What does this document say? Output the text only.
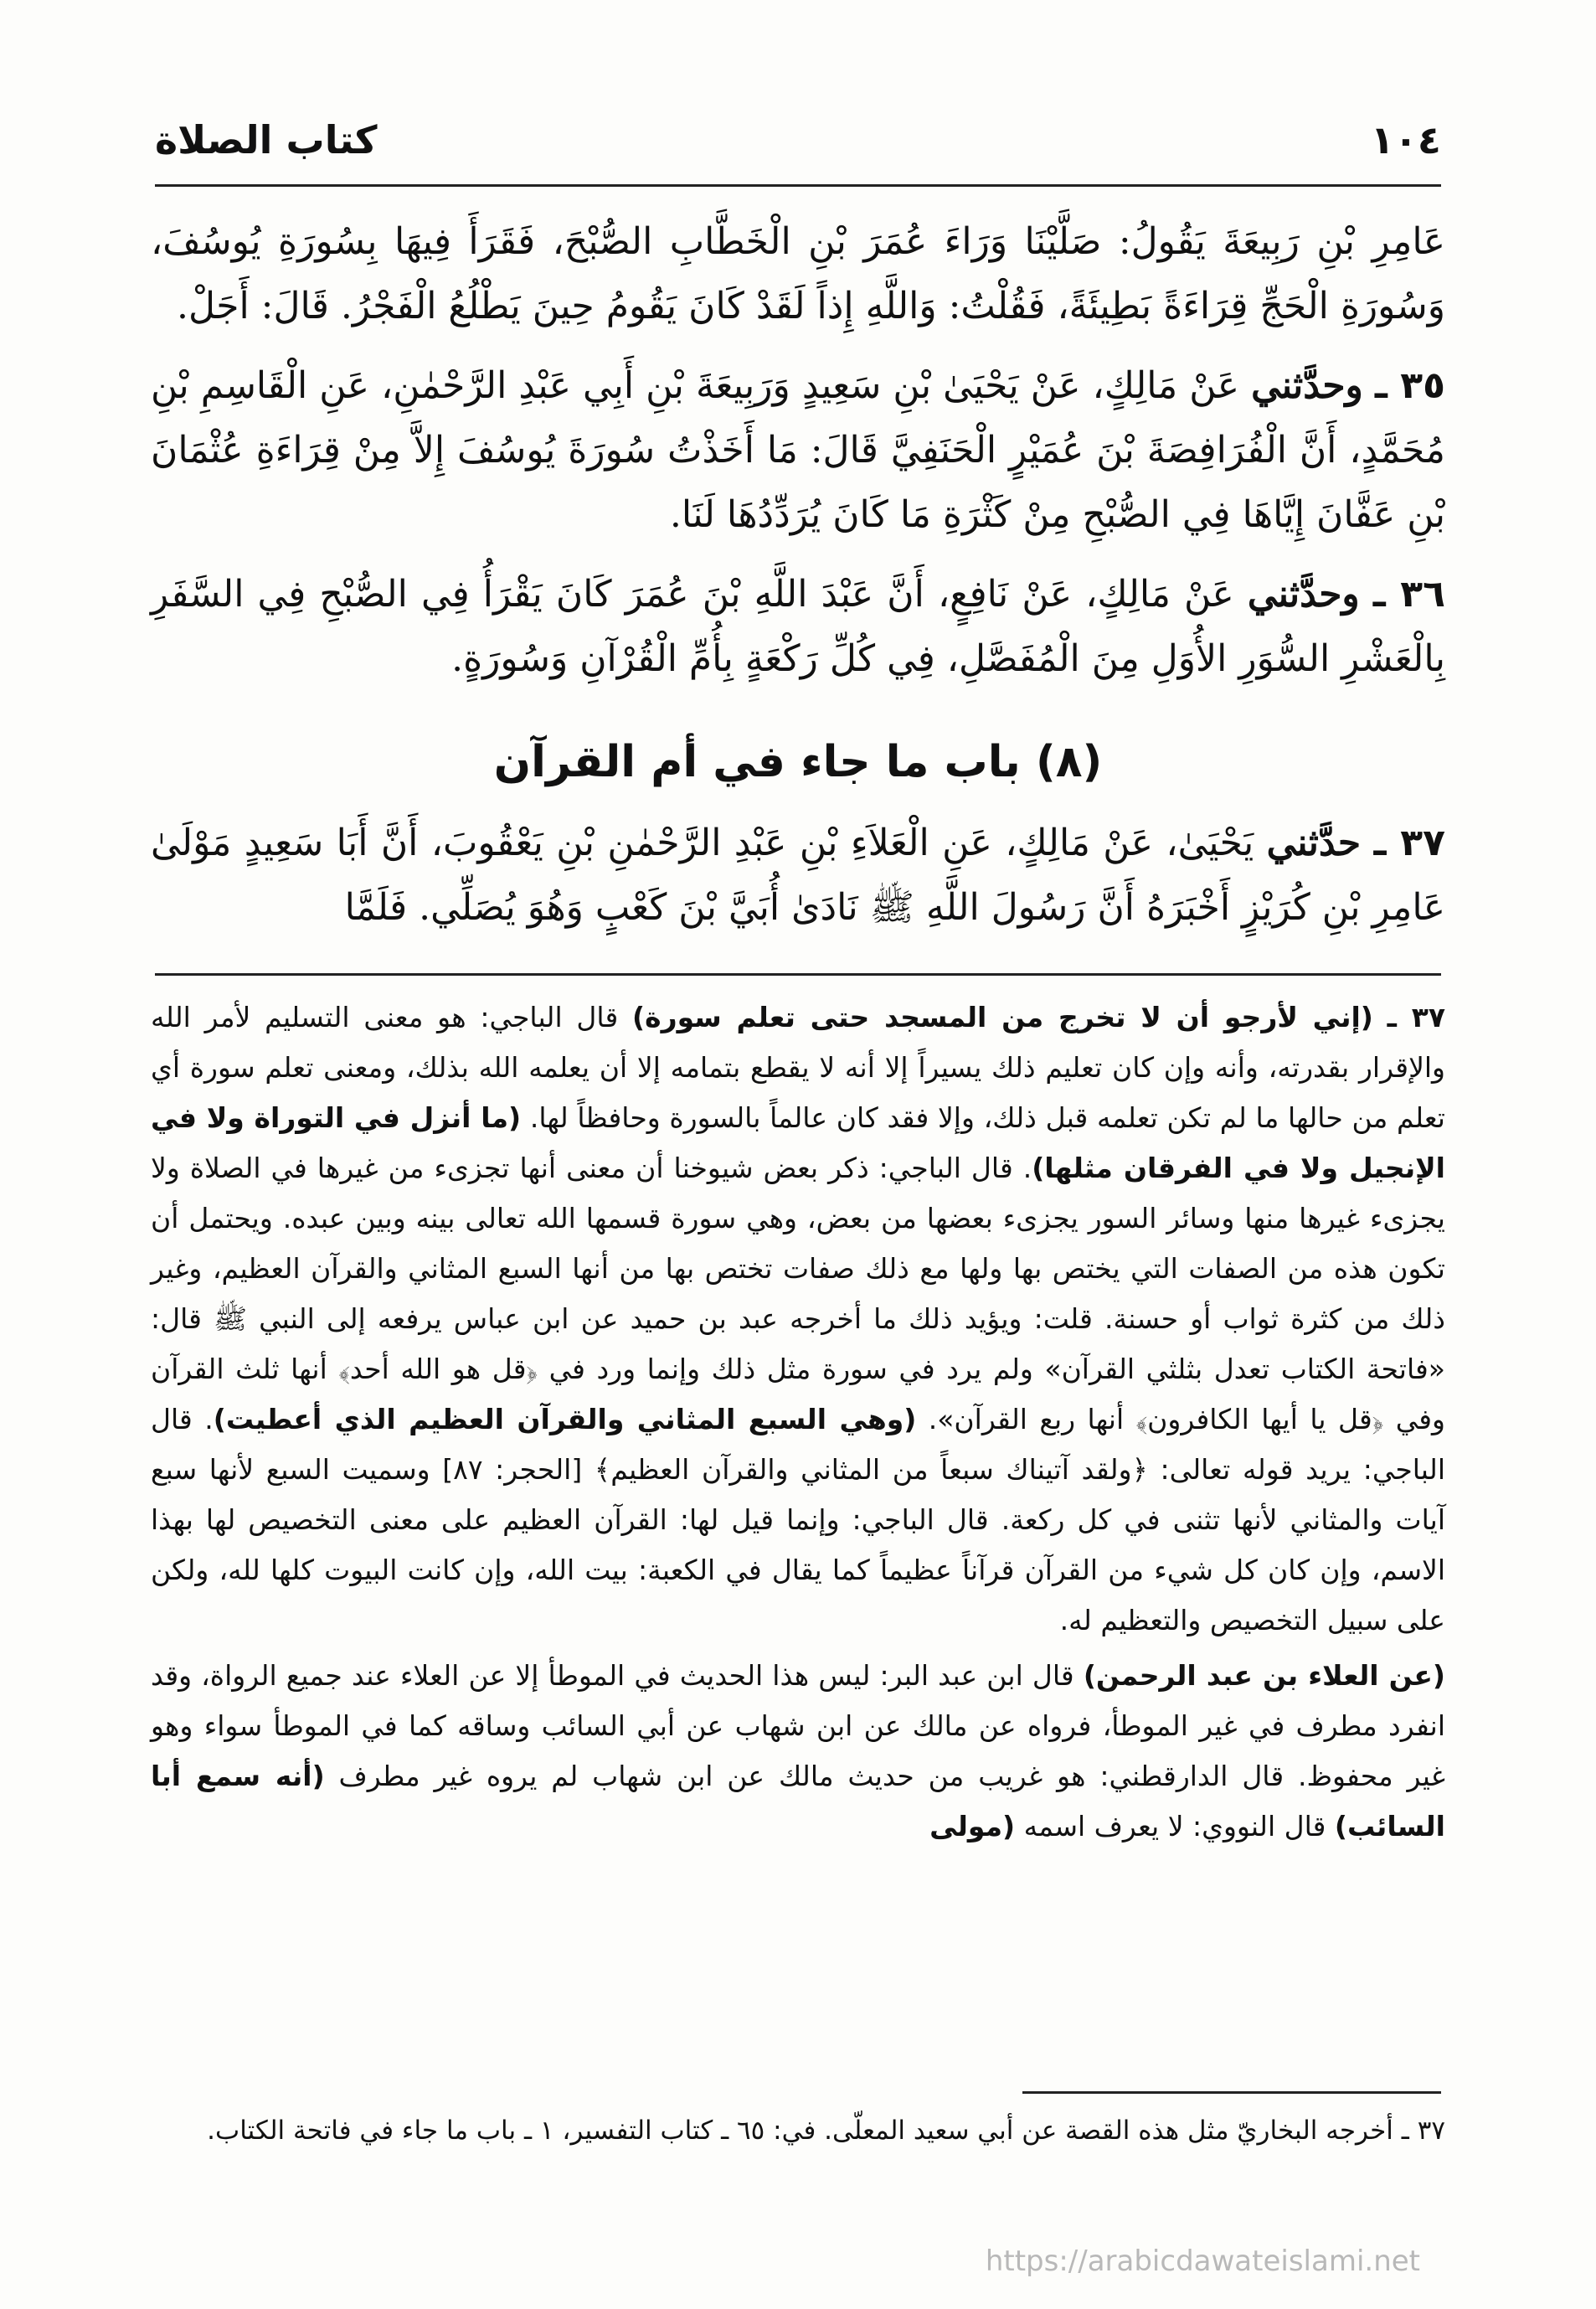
١٠٤
كتاب الصلاة

عَامِرِ بْنِ رَبِيعَةَ يَقُولُ: صَلَّيْنَا وَرَاءَ عُمَرَ بْنِ الْخَطَّابِ الصُّبْحَ، فَقَرَأَ فِيهَا بِسُورَةِ يُوسُفَ، وَسُورَةِ الْحَجِّ قِرَاءَةً بَطِيئَةً، فَقُلْتُ: وَاللَّهِ إِذاً لَقَدْ كَانَ يَقُومُ حِينَ يَطْلُعُ الْفَجْرُ. قَالَ: أَجَلْ.

٣٥ ـ وحدَّثني عَنْ مَالِكٍ، عَنْ يَحْيَىٰ بْنِ سَعِيدٍ وَرَبِيعَةَ بْنِ أَبِي عَبْدِ الرَّحْمٰنِ، عَنِ الْقَاسِمِ بْنِ مُحَمَّدٍ، أَنَّ الْفُرَافِصَةَ بْنَ عُمَيْرٍ الْحَنَفِيَّ قَالَ: مَا أَخَذْتُ سُورَةَ يُوسُفَ إِلاَّ مِنْ قِرَاءَةِ عُثْمَانَ بْنِ عَفَّانَ إِيَّاهَا فِي الصُّبْحِ مِنْ كَثْرَةِ مَا كَانَ يُرَدِّدُهَا لَنَا.

٣٦ ـ وحدَّثني عَنْ مَالِكٍ، عَنْ نَافِعٍ، أَنَّ عَبْدَ اللَّهِ بْنَ عُمَرَ كَانَ يَقْرَأُ فِي الصُّبْحِ فِي السَّفَرِ بِالْعَشْرِ السُّوَرِ الأُوَلِ مِنَ الْمُفَصَّلِ، فِي كُلِّ رَكْعَةٍ بِأُمِّ الْقُرْآنِ وَسُورَةٍ.

(٨) باب ما جاء في أم القرآن

٣٧ ـ حدَّثني يَحْيَىٰ، عَنْ مَالِكٍ، عَنِ الْعَلاَءِ بْنِ عَبْدِ الرَّحْمٰنِ بْنِ يَعْقُوبَ، أَنَّ أَبَا سَعِيدٍ مَوْلَىٰ عَامِرِ بْنِ كُرَيْزٍ أَخْبَرَهُ أَنَّ رَسُولَ اللَّهِ ﷺ نَادَىٰ أُبَيَّ بْنَ كَعْبٍ وَهُوَ يُصَلِّي. فَلَمَّا

٣٧ ـ (إني لأرجو أن لا تخرج من المسجد حتى تعلم سورة) قال الباجي: هو معنى التسليم لأمر الله والإقرار بقدرته، وأنه وإن كان تعليم ذلك يسيراً إلا أنه لا يقطع بتمامه إلا أن يعلمه الله بذلك، ومعنى تعلم سورة أي تعلم من حالها ما لم تكن تعلمه قبل ذلك، وإلا فقد كان عالماً بالسورة وحافظاً لها. (ما أنزل في التوراة ولا في الإنجيل ولا في الفرقان مثلها). قال الباجي: ذكر بعض شيوخنا أن معنى أنها تجزىء من غيرها في الصلاة ولا يجزىء غيرها منها وسائر السور يجزىء بعضها من بعض، وهي سورة قسمها الله تعالى بينه وبين عبده. ويحتمل أن تكون هذه من الصفات التي يختص بها ولها مع ذلك صفات تختص بها من أنها السبع المثاني والقرآن العظيم، وغير ذلك من كثرة ثواب أو حسنة. قلت: ويؤيد ذلك ما أخرجه عبد بن حميد عن ابن عباس يرفعه إلى النبي ﷺ قال: «فاتحة الكتاب تعدل بثلثي القرآن» ولم يرد في سورة مثل ذلك وإنما ورد في ﴿قل هو الله أحد﴾ أنها ثلث القرآن وفي ﴿قل يا أيها الكافرون﴾ أنها ربع القرآن». (وهي السبع المثاني والقرآن العظيم الذي أعطيت). قال الباجي: يريد قوله تعالى: ﴿ولقد آتيناك سبعاً من المثاني والقرآن العظيم﴾ [الحجر: ٨٧] وسميت السبع لأنها سبع آيات والمثاني لأنها تثنى في كل ركعة. قال الباجي: وإنما قيل لها: القرآن العظيم على معنى التخصيص لها بهذا الاسم، وإن كان كل شيء من القرآن قرآناً عظيماً كما يقال في الكعبة: بيت الله، وإن كانت البيوت كلها لله، ولكن على سبيل التخصيص والتعظيم له.

(عن العلاء بن عبد الرحمن) قال ابن عبد البر: ليس هذا الحديث في الموطأ إلا عن العلاء عند جميع الرواة، وقد انفرد مطرف في غير الموطأ، فرواه عن مالك عن ابن شهاب عن أبي السائب وساقه كما في الموطأ سواء وهو غير محفوظ. قال الدارقطني: هو غريب من حديث مالك عن ابن شهاب لم يروه غير مطرف (أنه سمع أبا السائب) قال النووي: لا يعرف اسمه (مولى

٣٧ ـ أخرجه البخاريّ مثل هذه القصة عن أبي سعيد المعلّى. في: ٦٥ ـ كتاب التفسير، ١ ـ باب ما جاء في فاتحة الكتاب.

https://arabicdawateislami.net
